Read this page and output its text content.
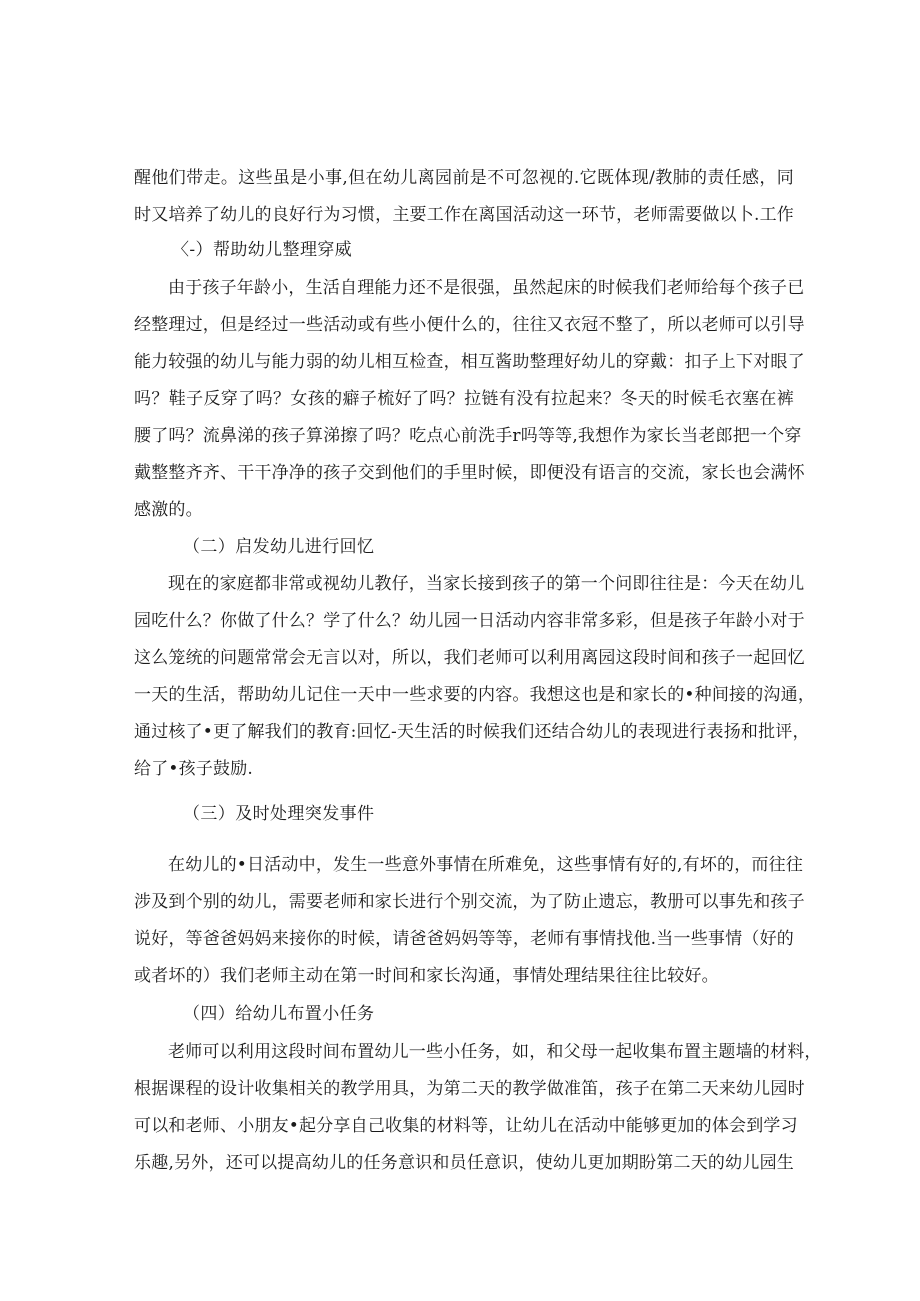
醒他们带走。这些虽是小事,但在幼儿离园前是不可忽视的.它既体现/教肺的责任感，同
时又培养了幼儿的良好行为习惯，主要工作在离国活动这一环节，老师需要做以卜.工作
〈-）帮助幼儿整理穿威
由于孩子年龄小，生活自理能力还不是很强，虽然起床的时候我们老师给每个孩子已
经整理过，但是经过一些活动或有些小便什么的，往往又衣冠不整了，所以老师可以引导
能力较强的幼儿与能力弱的幼儿相互检查，相互酱助整理好幼儿的穿戴：扣子上下对眼了
吗？鞋子反穿了吗？女孩的癖子梳好了吗？拉链有没有拉起来？冬天的时候毛衣塞在裤
腰了吗？流鼻涕的孩子算涕擦了吗？吃点心前洗手r吗等等,我想作为家长当老郎把一个穿
戴整整齐齐、干干净净的孩子交到他们的手里时候，即便没有语言的交流，家长也会满怀
感激的。
（二）启发幼儿进行回忆
现在的家庭都非常或视幼儿教仔，当家长接到孩子的第一个问即往往是：今天在幼儿
园吃什么？你做了什么？学了什么？幼儿园一日活动内容非常多彩，但是孩子年龄小对于
这么笼统的问题常常会无言以对，所以，我们老师可以利用离园这段时间和孩子一起回忆
一天的生活，帮助幼儿记住一天中一些求要的内容。我想这也是和家长的•种间接的沟通，
通过核了•更了解我们的教育:回忆-天生活的时候我们还结合幼儿的表现进行表扬和批评，
给了•孩子鼓励.
（三）及时处理突发事件
在幼儿的•日活动中，发生一些意外事情在所难免，这些事情有好的,有坏的，而往往
涉及到个别的幼儿，需要老师和家长进行个别交流，为了防止遗忘，教册可以事先和孩子
说好，等爸爸妈妈来接你的时候，请爸爸妈妈等等，老师有事情找他.当一些事情（好的
或者坏的）我们老师主动在第一时间和家长沟通，事情处理结果往往比较好。
（四）给幼儿布置小任务
老师可以利用这段时间布置幼儿一些小任务，如，和父母一起收集布置主题墙的材料，
根据课程的设计收集相关的教学用具，为第二天的教学做准笛，孩子在第二天来幼儿园时
可以和老师、小朋友•起分享自己收集的材料等，让幼儿在活动中能够更加的体会到学习
乐趣,另外，还可以提高幼儿的任务意识和员任意识，使幼儿更加期盼第二天的幼儿园生
